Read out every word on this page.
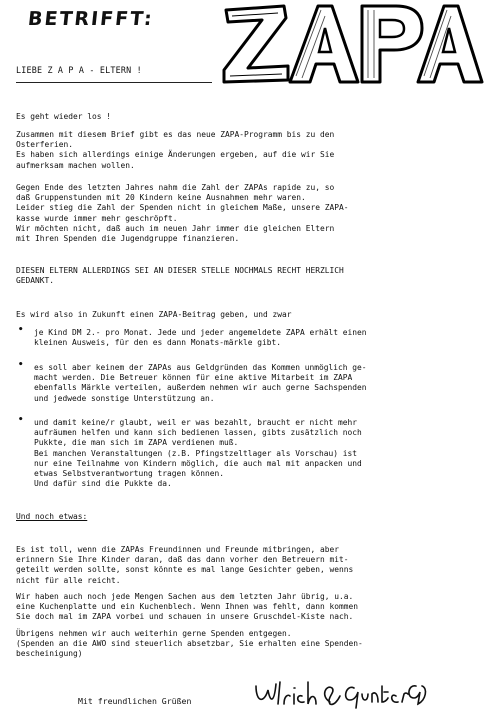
BETRIFFT:
ZAPA
LIEBE Z A P A - ELTERN !
Es geht wieder los !
Zusammen mit diesem Brief gibt es das neue ZAPA-Programm bis zu den
Osterferien.
Es haben sich allerdings einige Änderungen ergeben, auf die wir Sie
aufmerksam machen wollen.
Gegen Ende des letzten Jahres nahm die Zahl der ZAPAs rapide zu, so
daß Gruppenstunden mit 20 Kindern keine Ausnahmen mehr waren.
Leider stieg die Zahl der Spenden nicht in gleichem Maße, unsere ZAPA-
kasse wurde immer mehr geschröpft.
Wir möchten nicht, daß auch im neuen Jahr immer die gleichen Eltern
mit Ihren Spenden die Jugendgruppe finanzieren.
DIESEN ELTERN ALLERDINGS SEI AN DIESER STELLE NOCHMALS RECHT HERZLICH
GEDANKT.
Es wird also in Zukunft einen ZAPA-Beitrag geben, und zwar
• je Kind DM 2.- pro Monat. Jede und jeder angemeldete ZAPA erhält einen
kleinen Ausweis, für den es dann Monats-märkle gibt.
• es soll aber keinem der ZAPAs aus Geldgründen das Kommen unmöglich ge-
macht werden. Die Betreuer können für eine aktive Mitarbeit im ZAPA
ebenfalls Märkle verteilen, außerdem nehmen wir auch gerne Sachspenden
und jedwede sonstige Unterstützung an.
• und damit keine/r glaubt, weil er was bezahlt, braucht er nicht mehr
aufräumen helfen und kann sich bedienen lassen, gibts zusätzlich noch
Pukkte, die man sich im ZAPA verdienen muß.
Bei manchen Veranstaltungen (z.B. Pfingstzeltlager als Vorschau) ist
nur eine Teilnahme von Kindern möglich, die auch mal mit anpacken und
etwas Selbstverantwortung tragen können.
Und dafür sind die Pukkte da.
Und noch etwas:
Es ist toll, wenn die ZAPAs Freundinnen und Freunde mitbringen, aber
erinnern Sie Ihre Kinder daran, daß das dann vorher den Betreuern mit-
geteilt werden sollte, sonst könnte es mal lange Gesichter geben, wenns
nicht für alle reicht.
Wir haben auch noch jede Mengen Sachen aus dem letzten Jahr übrig, u.a.
eine Kuchenplatte und ein Kuchenblech. Wenn Ihnen was fehlt, dann kommen
Sie doch mal im ZAPA vorbei und schauen in unsere Gruschdel-Kiste nach.
Übrigens nehmen wir auch weiterhin gerne Spenden entgegen.
(Spenden an die AWO sind steuerlich absetzbar, Sie erhalten eine Spenden-
bescheinigung)
Mit freundlichen Grüßen
Ulrich & Günter Groß
